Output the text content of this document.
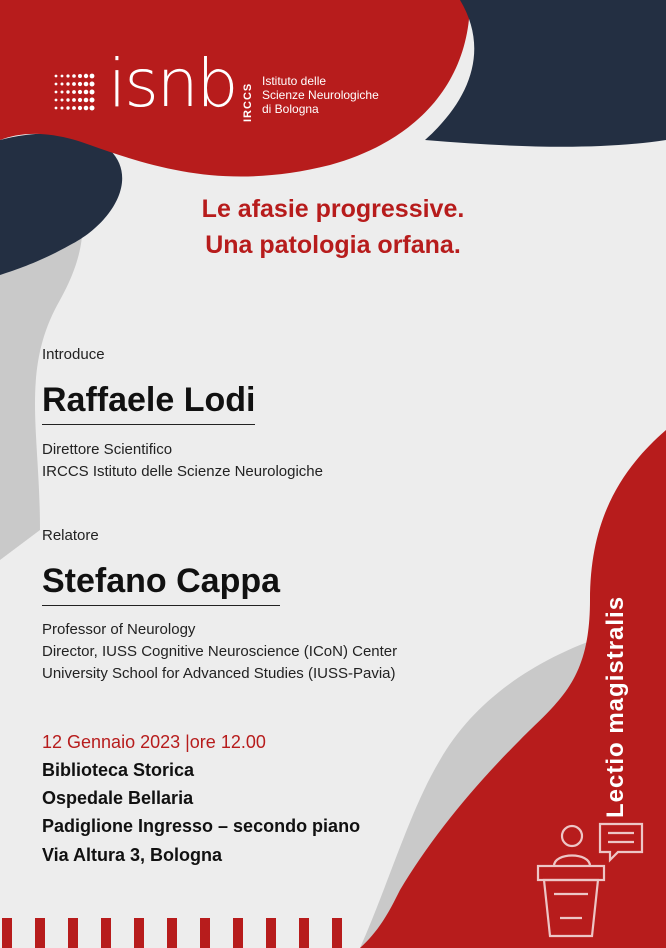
isnb IRCCS
Istituto delle
Scienze Neurologiche
di Bologna
Le afasie progressive.
Una patologia orfana.
Introduce
Raffaele Lodi
Direttore Scientifico
IRCCS Istituto delle Scienze Neurologiche
Relatore
Stefano Cappa
Professor of Neurology
Director, IUSS Cognitive Neuroscience (ICoN) Center
University School for Advanced Studies (IUSS-Pavia)
12 Gennaio 2023 |ore 12.00
Biblioteca Storica
Ospedale Bellaria
Padiglione Ingresso – secondo piano
Via Altura 3, Bologna
Lectio magistralis
